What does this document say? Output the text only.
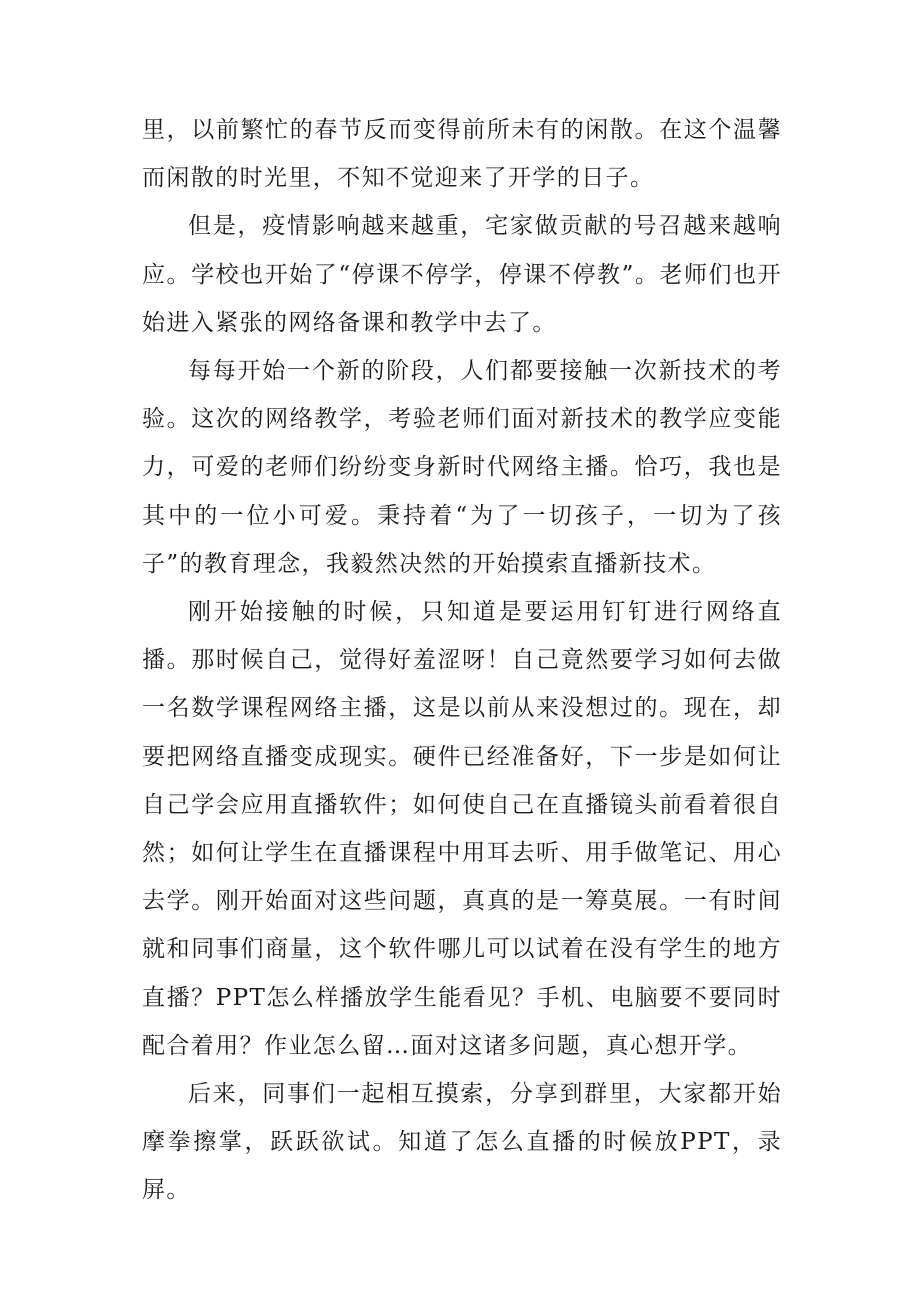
里，以前繁忙的春节反而变得前所未有的闲散。在这个温馨而闲散的时光里，不知不觉迎来了开学的日子。

但是，疫情影响越来越重，宅家做贡献的号召越来越响应。学校也开始了“停课不停学，停课不停教”。老师们也开始进入紧张的网络备课和教学中去了。

每每开始一个新的阶段，人们都要接触一次新技术的考验。这次的网络教学，考验老师们面对新技术的教学应变能力，可爱的老师们纷纷变身新时代网络主播。恰巧，我也是其中的一位小可爱。秉持着“为了一切孩子，一切为了孩子”的教育理念，我毅然决然的开始摸索直播新技术。

刚开始接触的时候，只知道是要运用钉钉进行网络直播。那时候自己，觉得好羞涩呀！自己竟然要学习如何去做一名数学课程网络主播，这是以前从来没想过的。现在，却要把网络直播变成现实。硬件已经准备好，下一步是如何让自己学会应用直播软件；如何使自己在直播镜头前看着很自然；如何让学生在直播课程中用耳去听、用手做笔记、用心去学。刚开始面对这些问题，真真的是一筹莫展。一有时间就和同事们商量，这个软件哪儿可以试着在没有学生的地方直播？PPT怎么样播放学生能看见？手机、电脑要不要同时配合着用？作业怎么留…面对这诸多问题，真心想开学。

后来，同事们一起相互摸索，分享到群里，大家都开始摩拳擦掌，跃跃欲试。知道了怎么直播的时候放PPT，录屏。
